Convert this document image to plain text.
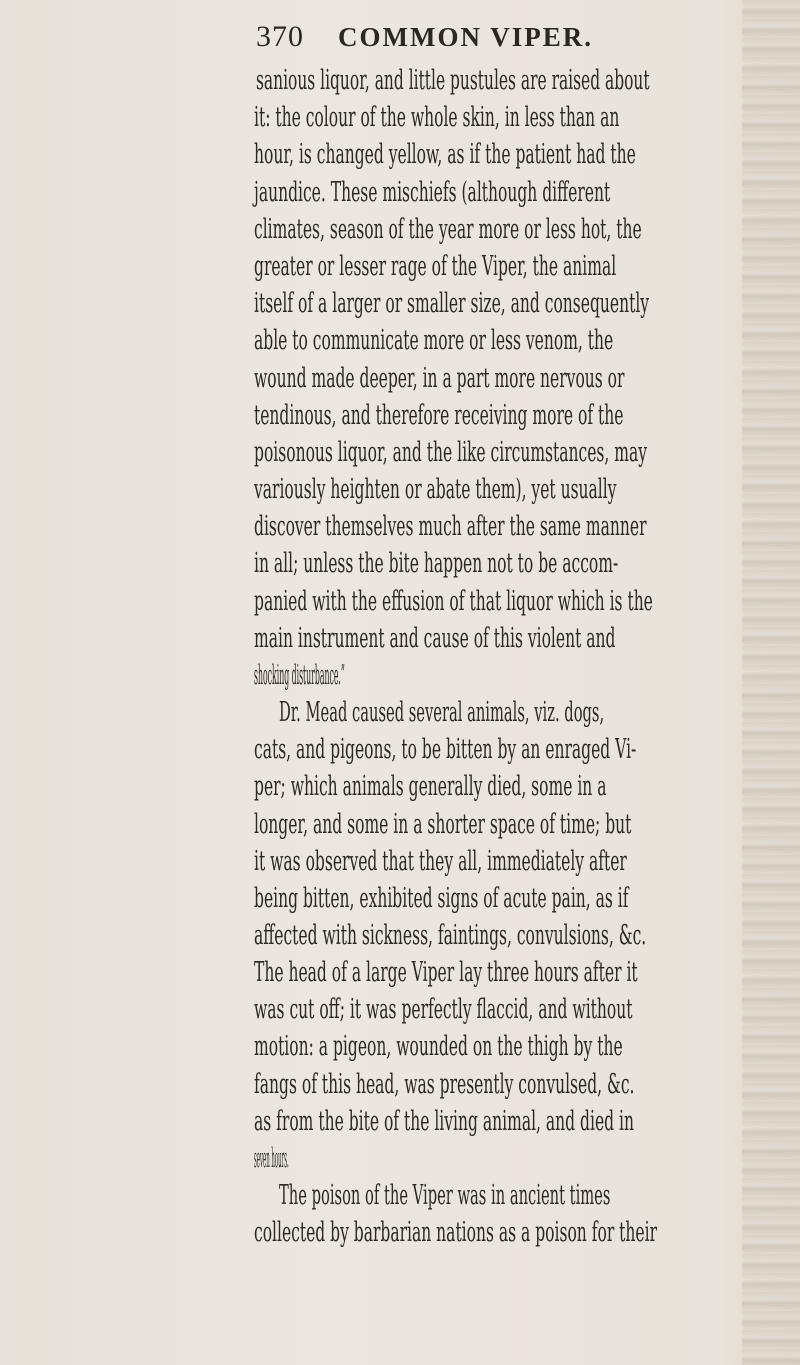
370 COMMON VIPER.
sanious liquor, and little pustules are raised about
it: the colour of the whole skin, in less than an
hour, is changed yellow, as if the patient had the
jaundice. These mischiefs (although different
climates, season of the year more or less hot, the
greater or lesser rage of the Viper, the animal
itself of a larger or smaller size, and consequently
able to communicate more or less venom, the
wound made deeper, in a part more nervous or
tendinous, and therefore receiving more of the
poisonous liquor, and the like circumstances, may
variously heighten or abate them), yet usually
discover themselves much after the same manner
in all; unless the bite happen not to be accom-
panied with the effusion of that liquor which is the
main instrument and cause of this violent and
shocking disturbance.”
Dr. Mead caused several animals, viz. dogs,
cats, and pigeons, to be bitten by an enraged Vi-
per; which animals generally died, some in a
longer, and some in a shorter space of time; but
it was observed that they all, immediately after
being bitten, exhibited signs of acute pain, as if
affected with sickness, faintings, convulsions, &c.
The head of a large Viper lay three hours after it
was cut off; it was perfectly flaccid, and without
motion: a pigeon, wounded on the thigh by the
fangs of this head, was presently convulsed, &c.
as from the bite of the living animal, and died in
seven hours.
The poison of the Viper was in ancient times
collected by barbarian nations as a poison for their
